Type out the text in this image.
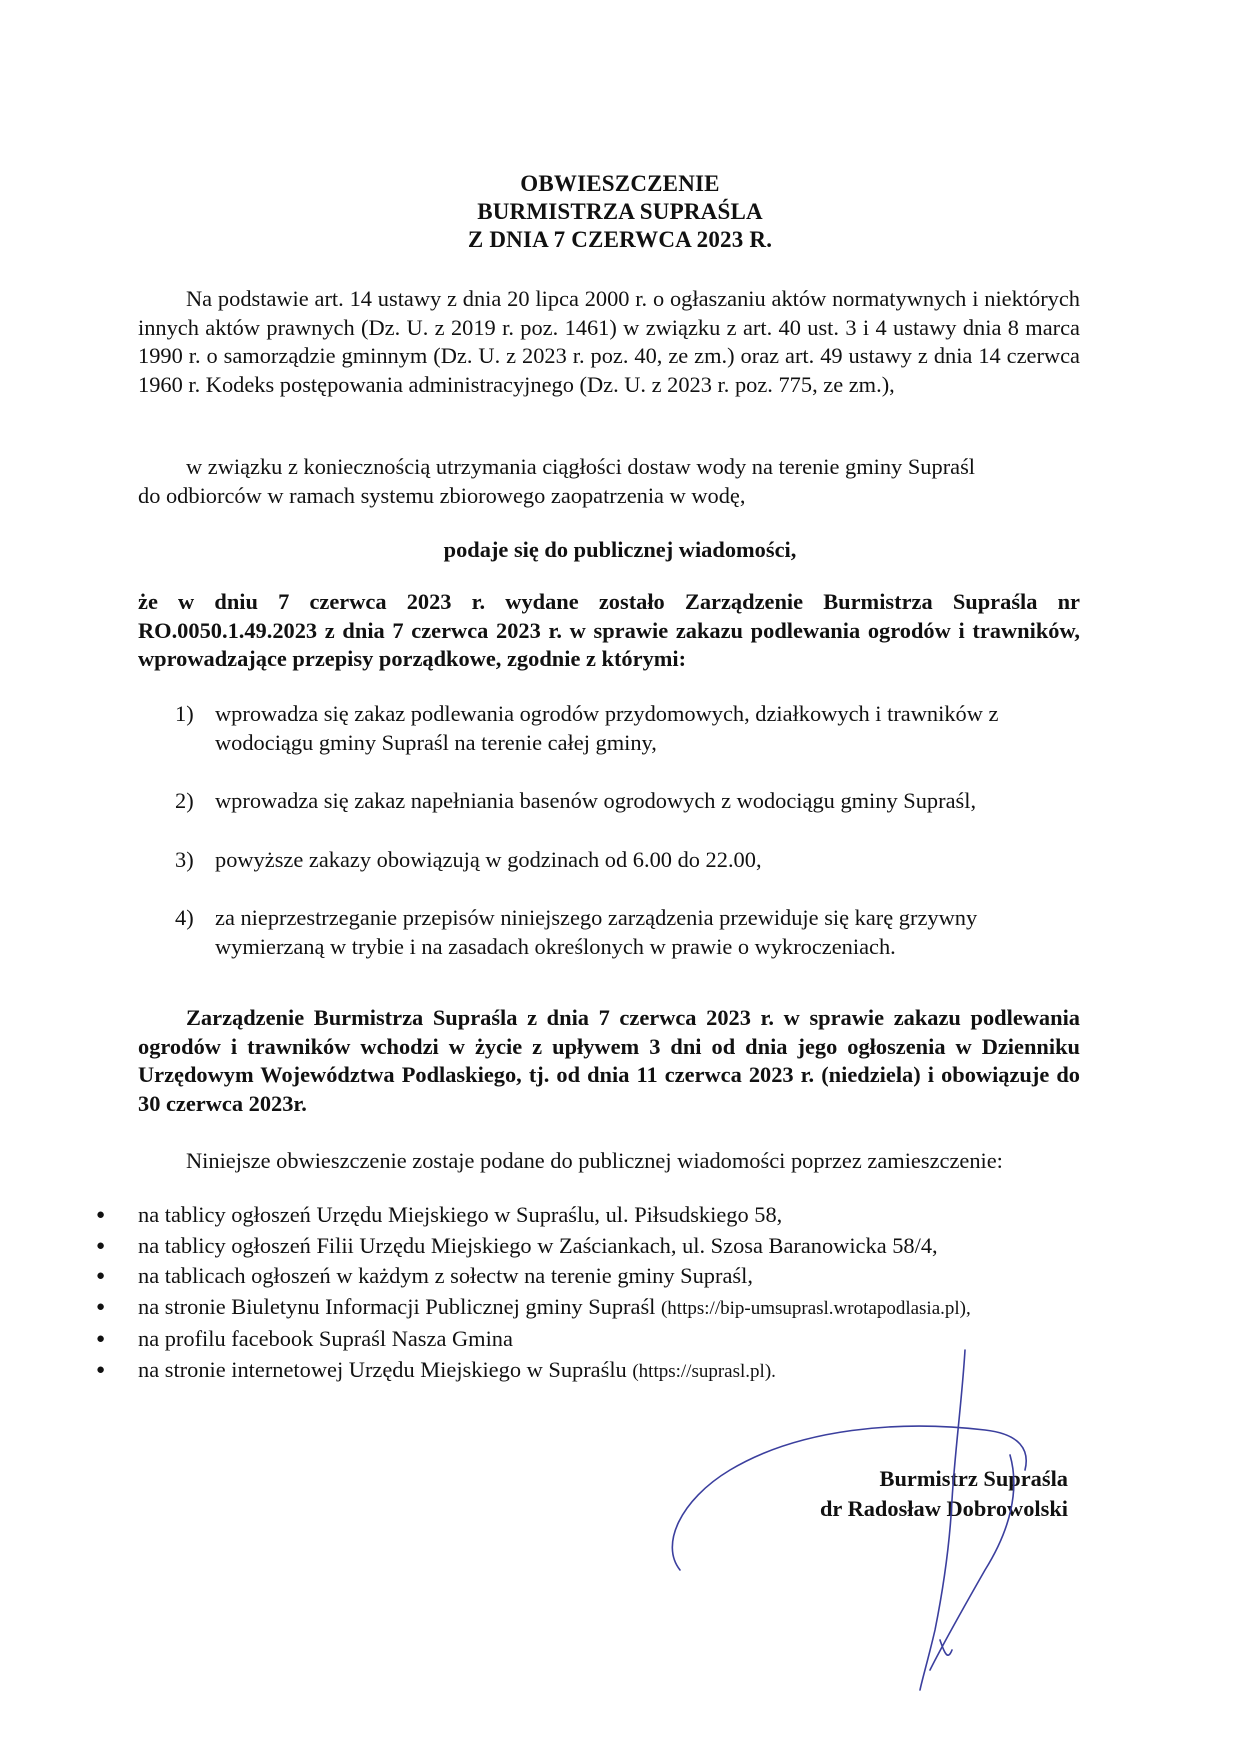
OBWIESZCZENIE
BURMISTRZA SUPRAŚLA
Z DNIA 7 CZERWCA 2023 R.
Na podstawie art. 14 ustawy z dnia 20 lipca 2000 r. o ogłaszaniu aktów normatywnych i niektórych innych aktów prawnych (Dz. U. z 2019 r. poz. 1461) w związku z art. 40 ust. 3 i 4 ustawy dnia 8 marca 1990 r. o samorządzie gminnym (Dz. U. z 2023 r. poz. 40, ze zm.) oraz art. 49 ustawy z dnia 14 czerwca 1960 r. Kodeks postępowania administracyjnego (Dz. U. z 2023 r. poz. 775, ze zm.),
w związku z koniecznością utrzymania ciągłości dostaw wody na terenie gminy Supraśl
do odbiorców w ramach systemu zbiorowego zaopatrzenia w wodę,
podaje się do publicznej wiadomości,
że w dniu 7 czerwca 2023 r. wydane zostało Zarządzenie Burmistrza Supraśla nr RO.0050.1.49.2023 z dnia 7 czerwca 2023 r. w sprawie zakazu podlewania ogrodów i trawników, wprowadzające przepisy porządkowe, zgodnie z którymi:
1) wprowadza się zakaz podlewania ogrodów przydomowych, działkowych i trawników z wodociągu gminy Supraśl na terenie całej gminy,
2) wprowadza się zakaz napełniania basenów ogrodowych z wodociągu gminy Supraśl,
3) powyższe zakazy obowiązują w godzinach od 6.00 do 22.00,
4) za nieprzestrzeganie przepisów niniejszego zarządzenia przewiduje się karę grzywny wymierzaną w trybie i na zasadach określonych w prawie o wykroczeniach.
Zarządzenie Burmistrza Supraśla z dnia 7 czerwca 2023 r. w sprawie zakazu podlewania ogrodów i trawników wchodzi w życie z upływem 3 dni od dnia jego ogłoszenia w Dzienniku Urzędowym Województwa Podlaskiego, tj. od dnia 11 czerwca 2023 r. (niedziela) i obowiązuje do 30 czerwca 2023r.
Niniejsze obwieszczenie zostaje podane do publicznej wiadomości poprzez zamieszczenie:
● na tablicy ogłoszeń Urzędu Miejskiego w Supraślu, ul. Piłsudskiego 58,
● na tablicy ogłoszeń Filii Urzędu Miejskiego w Zaściankach, ul. Szosa Baranowicka 58/4,
● na tablicach ogłoszeń w każdym z sołectw na terenie gminy Supraśl,
● na stronie Biuletynu Informacji Publicznej gminy Supraśl (https://bip-umsuprasl.wrotapodlasia.pl),
● na profilu facebook Supraśl Nasza Gmina
● na stronie internetowej Urzędu Miejskiego w Supraślu (https://suprasl.pl).
Burmistrz Supraśla
dr Radosław Dobrowolski
